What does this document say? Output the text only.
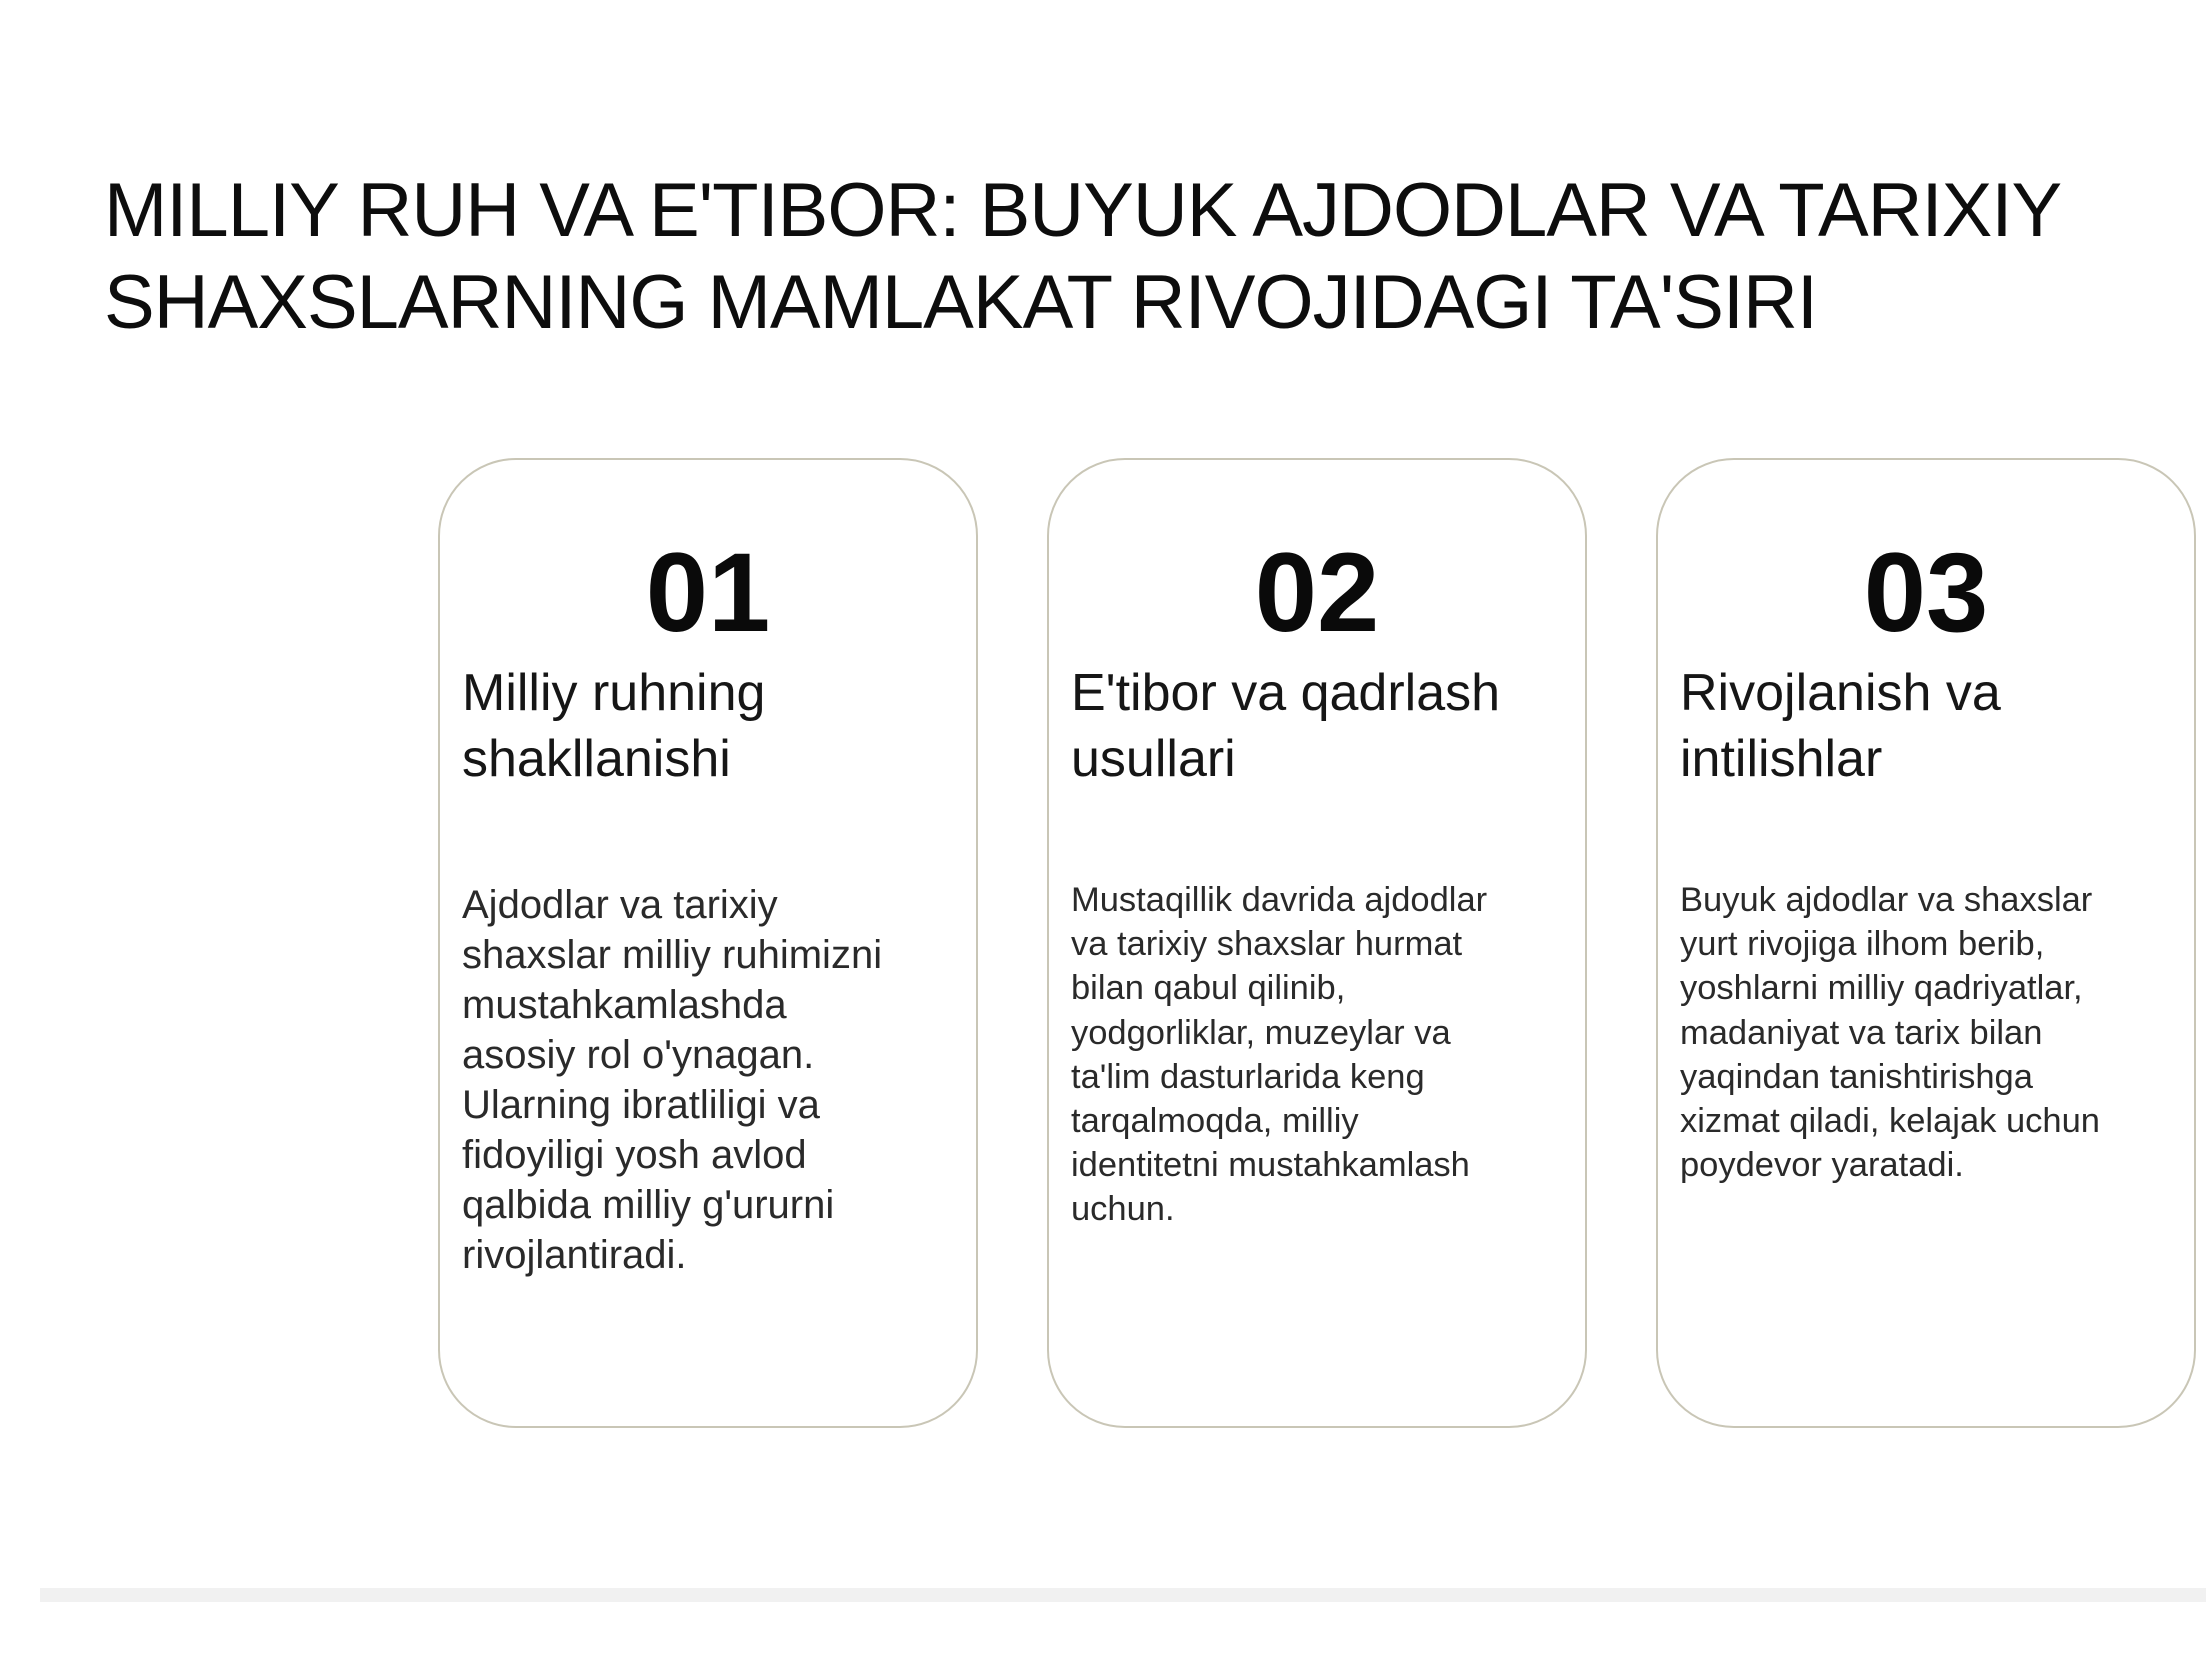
MILLIY RUH VA E'TIBOR: BUYUK AJDODLAR VA TARIXIY
SHAXSLARNING MAMLAKAT RIVOJIDAGI TA'SIRI
01
Milliy ruhning
shakllanishi

Ajdodlar va tarixiy
shaxslar milliy ruhimizni
mustahkamlashda
asosiy rol o'ynagan.
Ularning ibratliligi va
fidoyiligi yosh avlod
qalbida milliy g'ururni
rivojlantiradi.

02
E'tibor va qadrlash
usullari

Mustaqillik davrida ajdodlar
va tarixiy shaxslar hurmat
bilan qabul qilinib,
yodgorliklar, muzeylar va
ta'lim dasturlarida keng
tarqalmoqda, milliy
identitetni mustahkamlash
uchun.

03
Rivojlanish va
intilishlar

Buyuk ajdodlar va shaxslar
yurt rivojiga ilhom berib,
yoshlarni milliy qadriyatlar,
madaniyat va tarix bilan
yaqindan tanishtirishga
xizmat qiladi, kelajak uchun
poydevor yaratadi.
